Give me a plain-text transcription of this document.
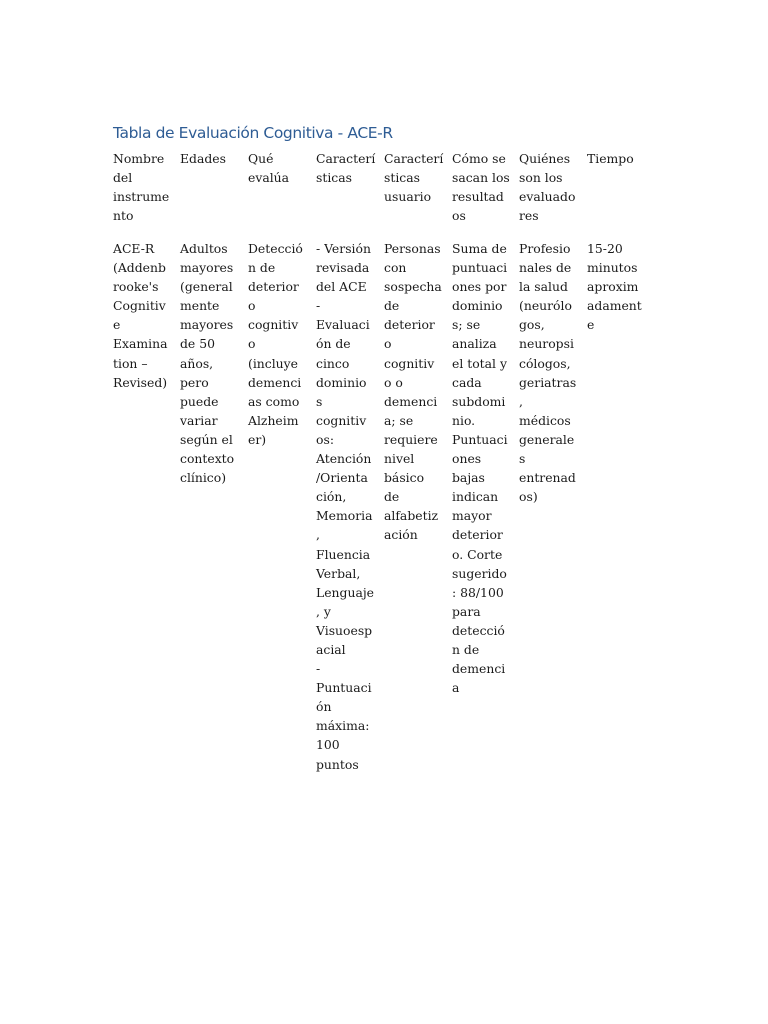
Tabla de Evaluación Cognitiva - ACE-R
Nombre
del
instrume
nto
Edades Qué
evalúa
Caracterí
sticas
Caracterí
sticas
usuario
Cómo se
sacan los
resultad
os
Quiénes
son los
evaluado
res
Tiempo
ACE-R
(Addenb
rooke's
Cognitiv
e
Examina
tion –
Revised)
Adultos
mayores
(general
mente
mayores
de 50
años,
pero
puede
variar
según el
contexto
clínico)
Detecció
n de
deterior
o
cognitiv
o
(incluye
demenci
as como
Alzheim
er)
- Versión
revisada
del ACE
-
Evaluaci
ón de
cinco
dominio
s
cognitiv
os:
Atención
/Orienta
ción,
Memoria
,
Fluencia
Verbal,
Lenguaje
, y
Visuoesp
acial
-
Puntuaci
ón
máxima:
100
puntos
Personas
con
sospecha
de
deterior
o
cognitiv
o o
demenci
a; se
requiere
nivel
básico
de
alfabetiz
ación
Suma de
puntuaci
ones por
dominio
s; se
analiza
el total y
cada
subdomi
nio.
Puntuaci
ones
bajas
indican
mayor
deterior
o. Corte
sugerido
: 88/100
para
detecció
n de
demenci
a
Profesio
nales de
la salud
(neurólo
gos,
neuropsi
cólogos,
geriatras
,
médicos
generale
s
entrenad
os)
15-20
minutos
aproxim
adament
e
